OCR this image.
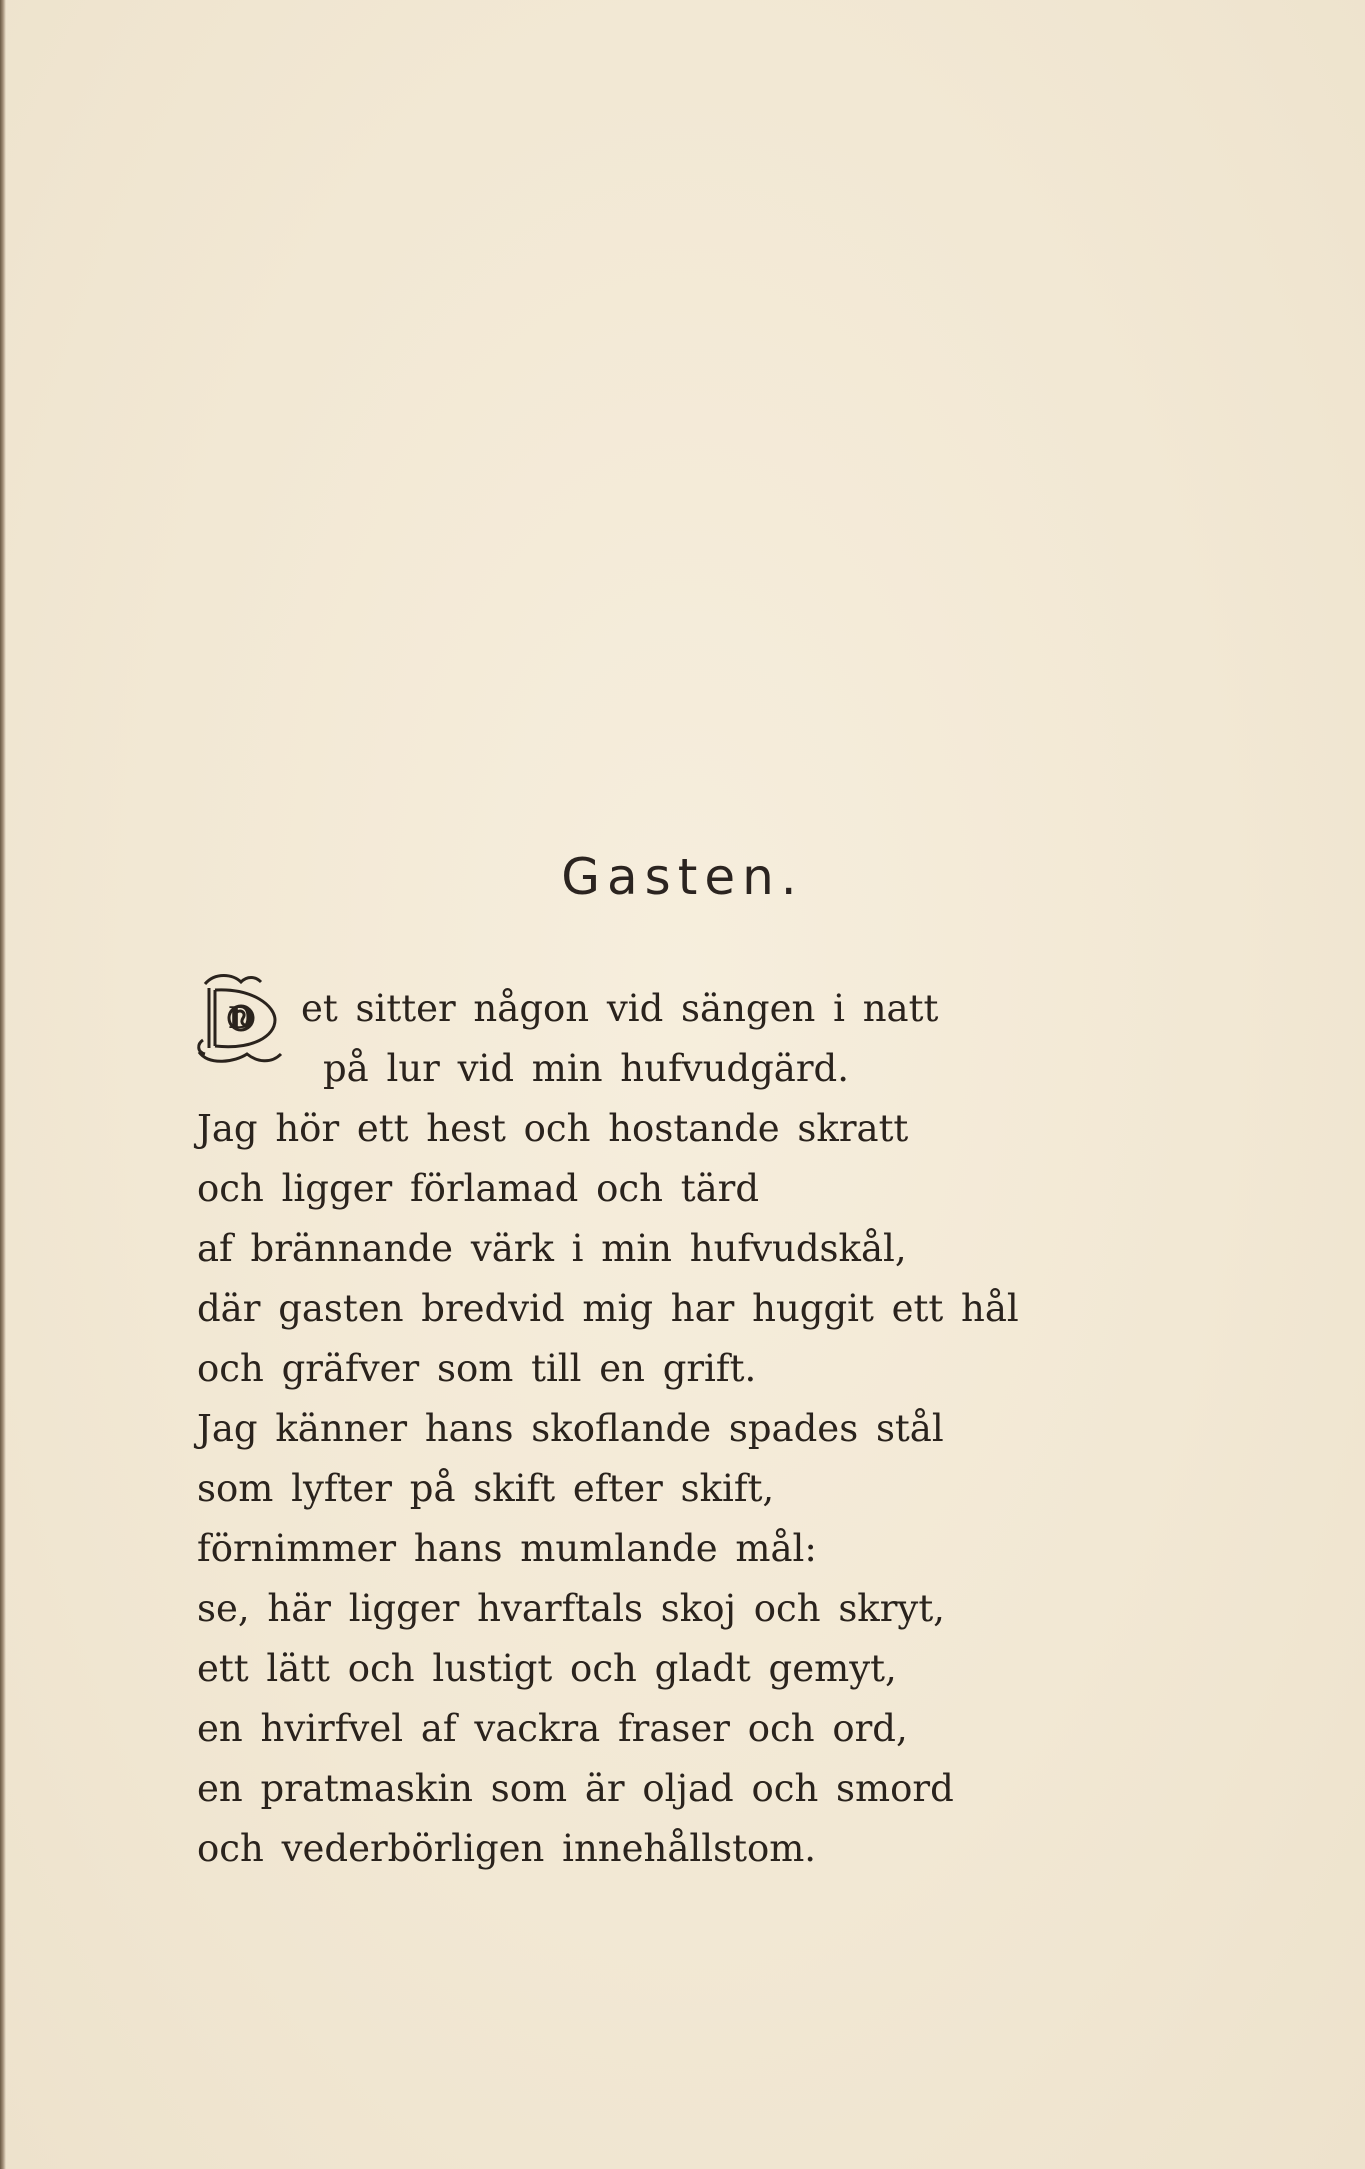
Gasten.
D et sitter någon vid sängen i natt
på lur vid min hufvudgärd.
Jag hör ett hest och hostande skratt
och ligger förlamad och tärd
af brännande värk i min hufvudskål,
där gasten bredvid mig har huggit ett hål
och gräfver som till en grift.
Jag känner hans skoflande spades stål
som lyfter på skift efter skift,
förnimmer hans mumlande mål:
se, här ligger hvarftals skoj och skryt,
ett lätt och lustigt och gladt gemyt,
en hvirfvel af vackra fraser och ord,
en pratmaskin som är oljad och smord
och vederbörligen innehållstom.
